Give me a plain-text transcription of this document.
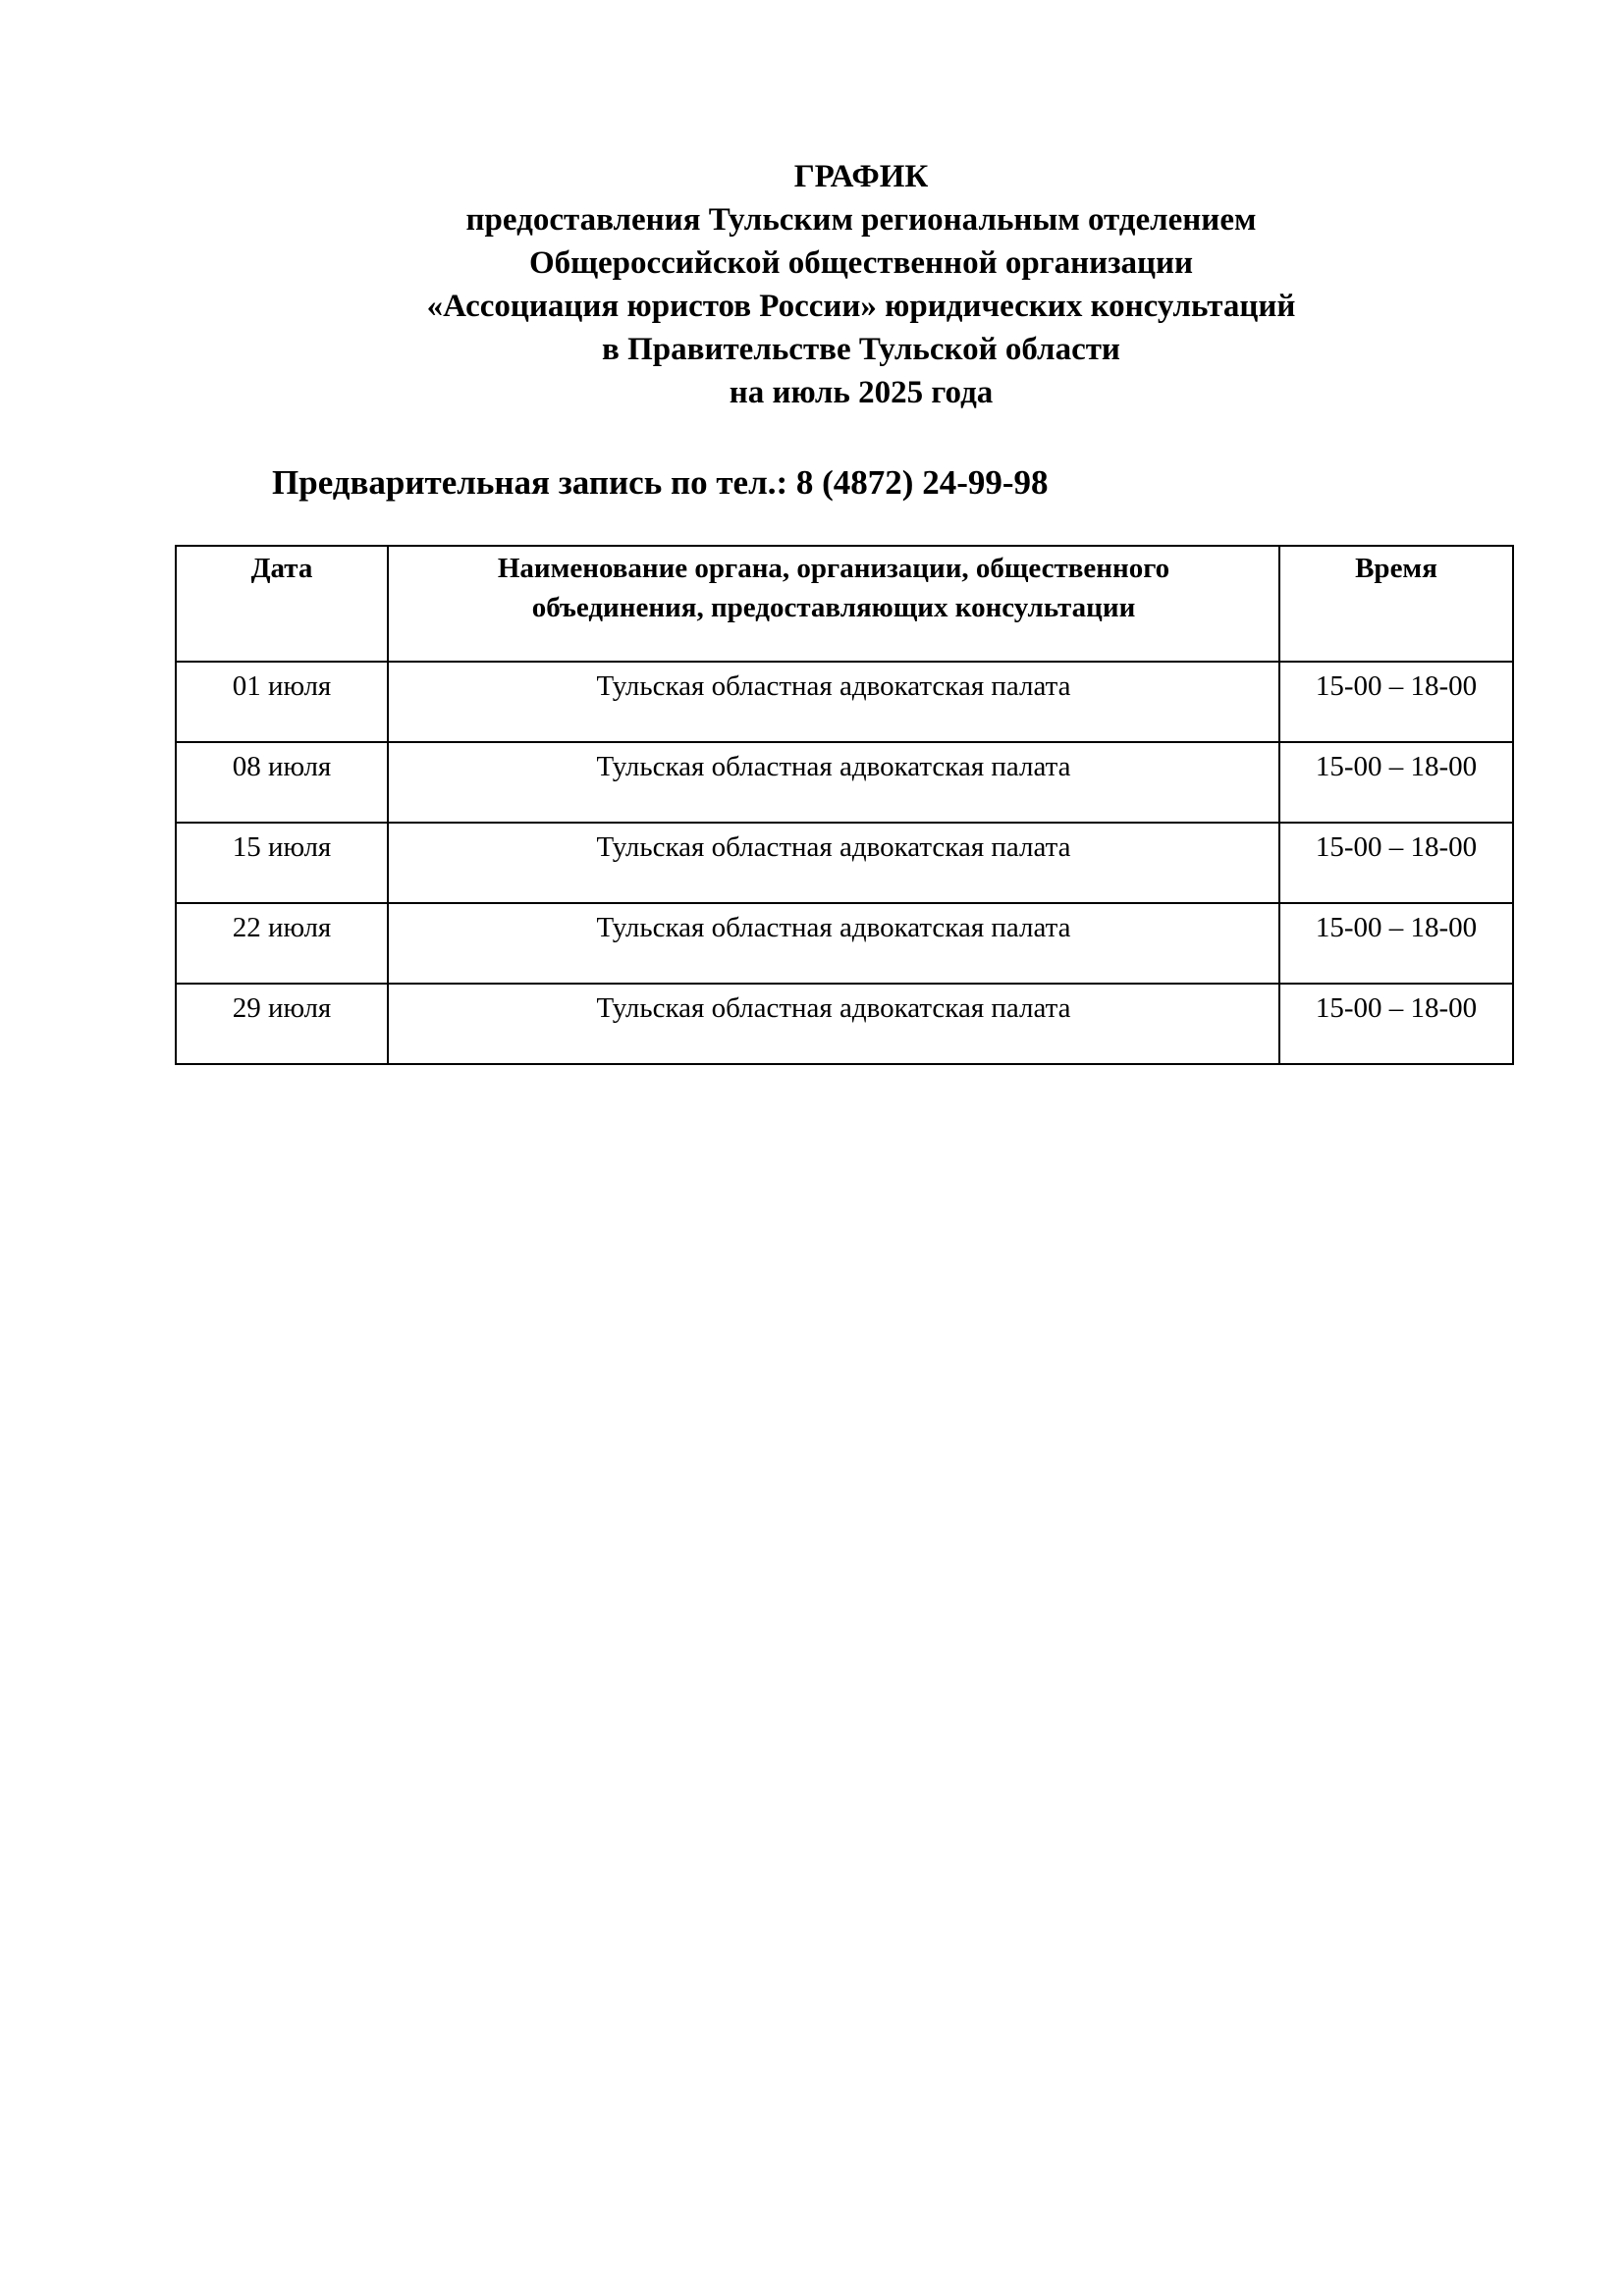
ГРАФИК
предоставления Тульским региональным отделением
Общероссийской общественной организации
«Ассоциация юристов России» юридических консультаций
в Правительстве Тульской области
на июль 2025 года
Предварительная запись по тел.: 8 (4872) 24-99-98
Дата	Наименование органа, организации, общественного объединения, предоставляющих консультации	Время
01 июля	Тульская областная адвокатская палата	15-00 – 18-00
08 июля	Тульская областная адвокатская палата	15-00 – 18-00
15 июля	Тульская областная адвокатская палата	15-00 – 18-00
22 июля	Тульская областная адвокатская палата	15-00 – 18-00
29 июля	Тульская областная адвокатская палата	15-00 – 18-00
